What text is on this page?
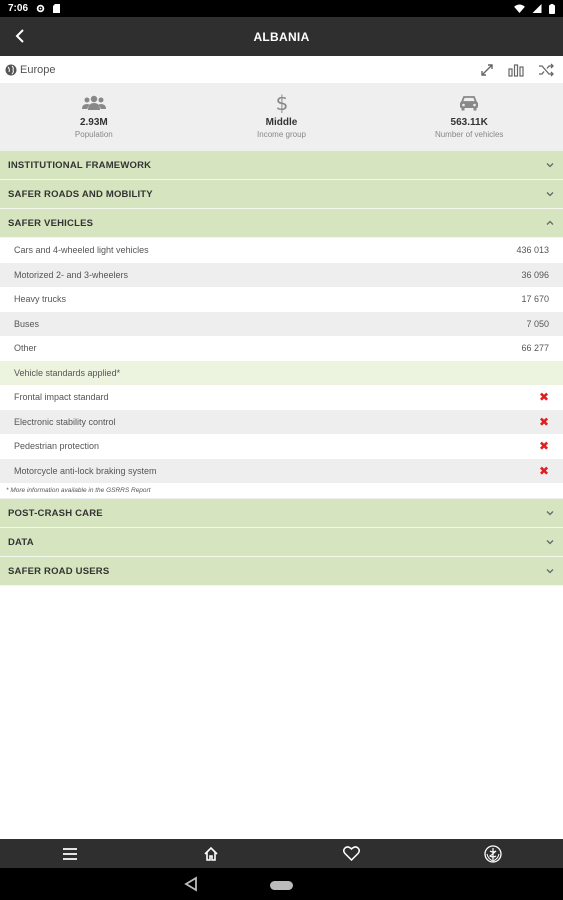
7:06
ALBANIA
Europe
2.93M
Population
$
Middle
Income group
563.11K
Number of vehicles
INSTITUTIONAL FRAMEWORK
SAFER ROADS AND MOBILITY
SAFER VEHICLES
Cars and 4-wheeled light vehicles	436 013
Motorized 2- and 3-wheelers	36 096
Heavy trucks	17 670
Buses	7 050
Other	66 277
Vehicle standards applied*
Frontal impact standard	✖
Electronic stability control	✖
Pedestrian protection	✖
Motorcycle anti-lock braking system	✖
* More information available in the GSRRS Report
POST-CRASH CARE
DATA
SAFER ROAD USERS
